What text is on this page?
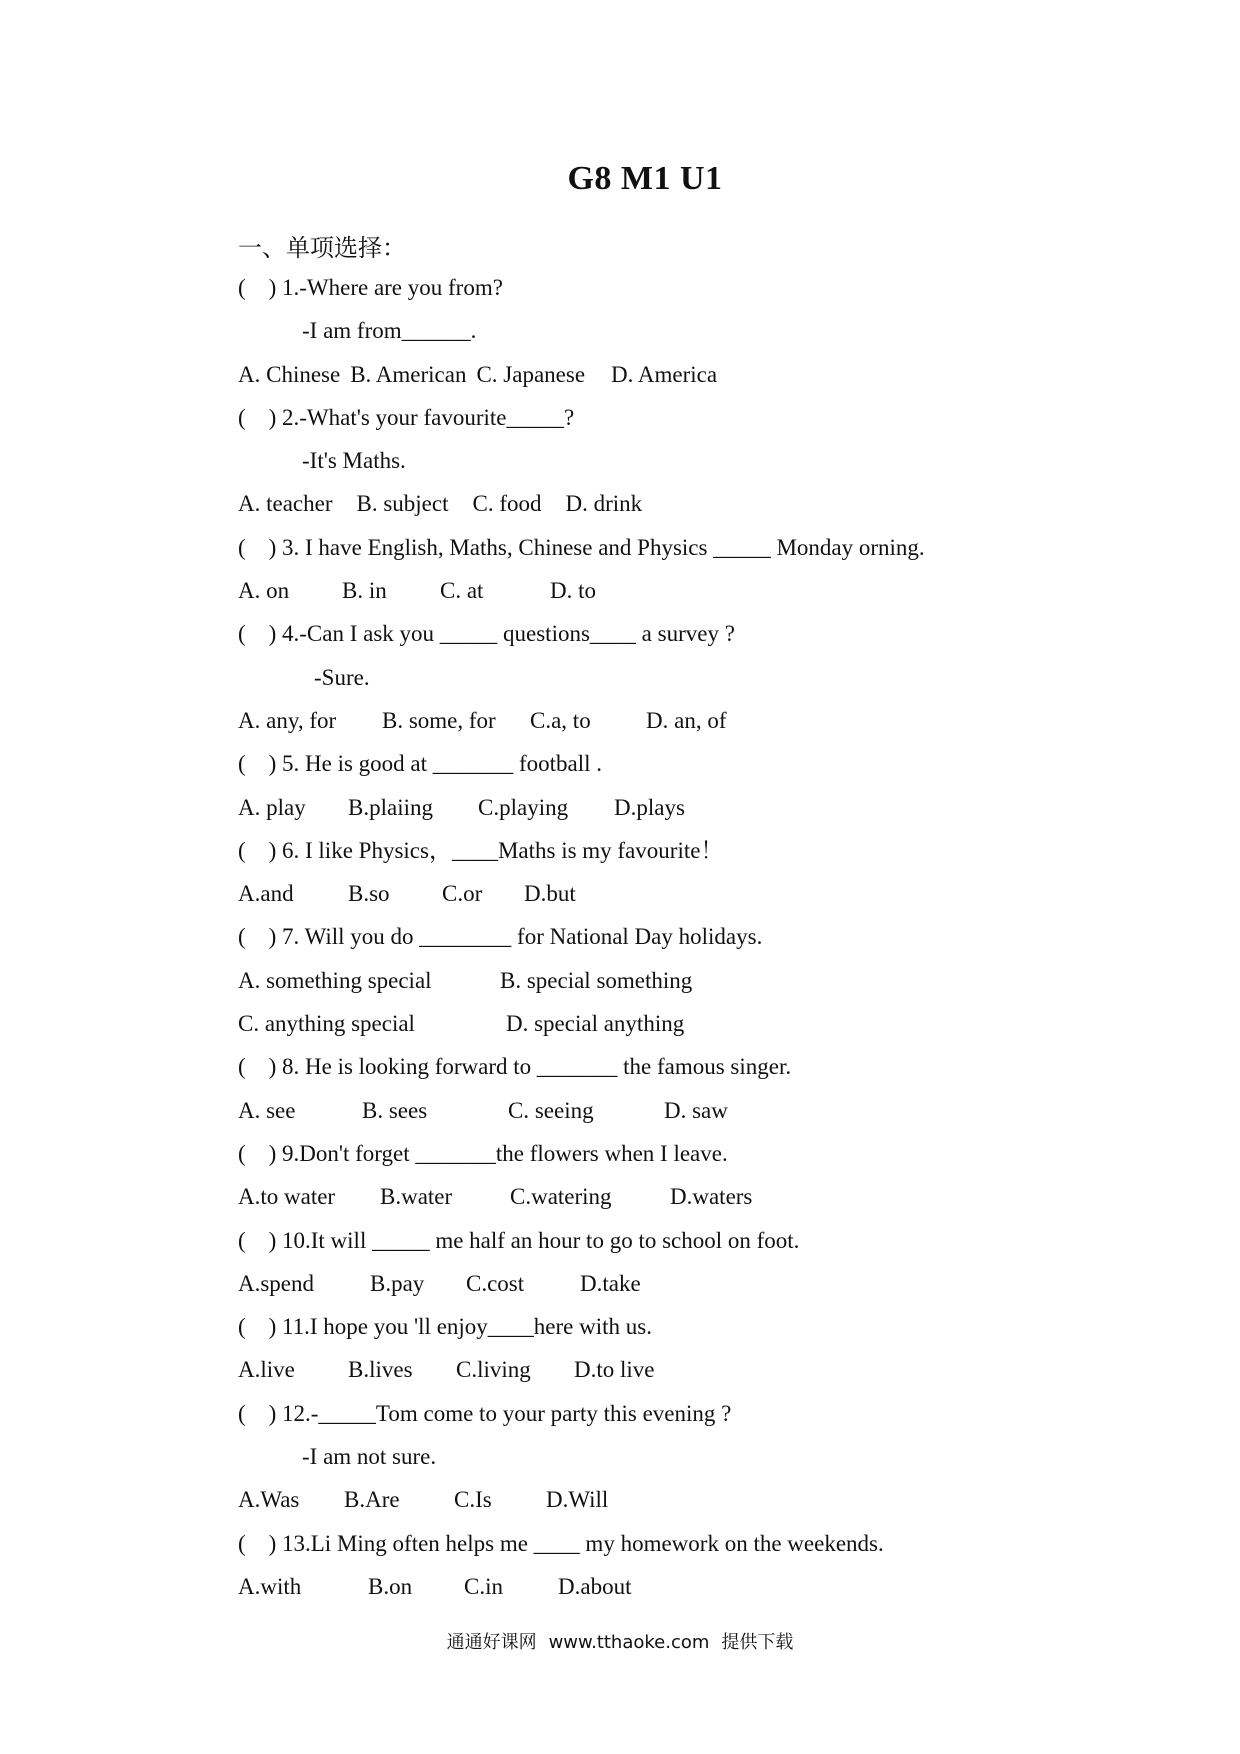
G8 M1 U1
一、单项选择：
(    ) 1.-Where are you from?
-I am from______.
A. Chinese B. American C. Japanese D. America
(    ) 2.-What's your favourite_____?
-It's Maths.
A. teacher B. subject C. food D. drink
(    ) 3. I have English, Maths, Chinese and Physics _____ Monday orning.
A. on B. in C. at	D. to
(    ) 4.-Can I ask you _____ questions____ a survey ?
-Sure.
A. any, for B. some, for C.a, to D. an, of
(    ) 5. He is good at _______ football .
A. play B.plaiing C.playing D.plays
(    ) 6. I like Physics，____Maths is my favourite！
A.and B.so C.or D.but
(    ) 7. Will you do ________ for National Day holidays.
A. something special	B. special something
C. anything special	D. special anything
(    ) 8. He is looking forward to _______ the famous singer.
A. see	B. sees	C. seeing	D. saw
(    ) 9.Don't forget _______the flowers when I leave.
A.to water B.water	C.watering	D.waters
(    ) 10.It will _____ me half an hour to go to school on foot.
A.spend B.pay C.cost D.take
(    ) 11.I hope you 'll enjoy____here with us.
A.live B.lives C.living D.to live
(    ) 12.-_____Tom come to your party this evening ?
-I am not sure.
A.Was B.Are C.Is D.Will
(    ) 13.Li Ming often helps me ____ my homework on the weekends.
A.with	B.on C.in D.about
通通好课网 www.tthaoke.com 提供下载
